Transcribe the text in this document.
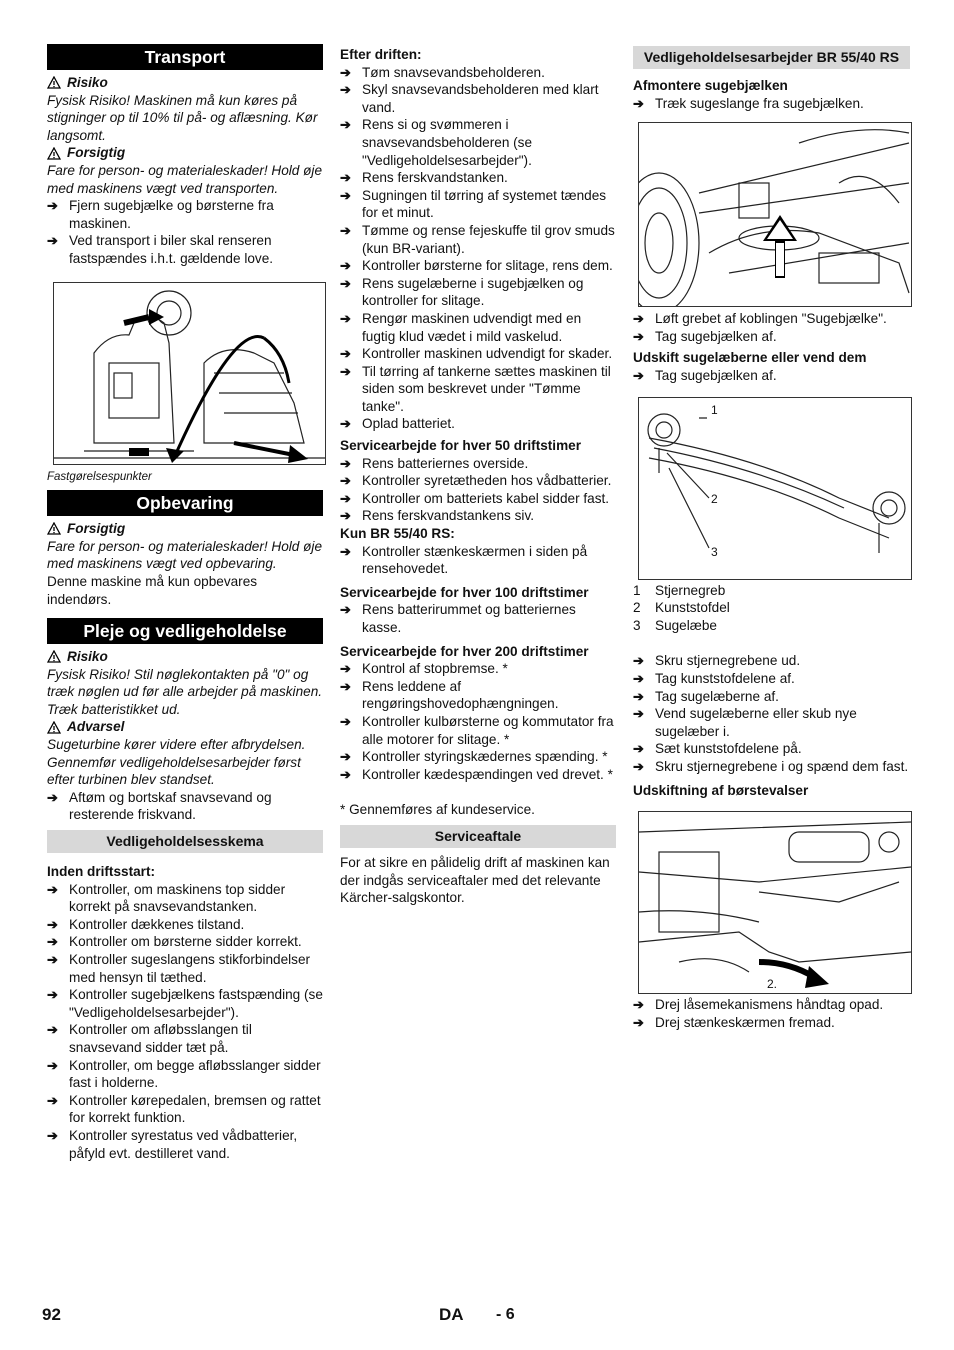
Transport
Risiko
Fysisk Risiko! Maskinen må kun køres på stigninger op til 10% til på- og aflæsning. Kør langsomt.
Forsigtig
Fare for person- og materialeskader! Hold øje med maskinens vægt ved transporten.
➔ Fjern sugebjælke og børsterne fra maskinen.
➔ Ved transport i biler skal renseren fastspændes i.h.t. gældende love.
Fastgørelsespunkter
Opbevaring
Forsigtig
Fare for person- og materialeskader! Hold øje med maskinens vægt ved opbevaring.
Denne maskine må kun opbevares indendørs.
Pleje og vedligeholdelse
Risiko
Fysisk Risiko! Stil nøglekontakten på "0" og træk nøglen ud før alle arbejder på maskinen. Træk batteristikket ud.
Advarsel
Sugeturbine kører videre efter afbrydelsen. Gennemfør vedligeholdelsesarbejder først efter turbinen blev standset.
➔ Aftøm og bortskaf snavsevand og resterende friskvand.
Vedligeholdelsesskema
Inden driftsstart:
➔ Kontroller, om maskinens top sidder korrekt på snavsevandstanken.
➔ Kontroller dækkenes tilstand.
➔ Kontroller om børsterne sidder korrekt.
➔ Kontroller sugeslangens stikforbindelser med hensyn til tæthed.
➔ Kontroller sugebjælkens fastspænding (se "Vedligeholdelsesarbejder").
➔ Kontroller om afløbsslangen til snavsevand sidder tæt på.
➔ Kontroller, om begge afløbsslanger sidder fast i holderne.
➔ Kontroller kørepedalen, bremsen og rattet for korrekt funktion.
➔ Kontroller syrestatus ved vådbatterier, påfyld evt. destilleret vand.
Efter driften:
➔ Tøm snavsevandsbeholderen.
➔ Skyl snavsevandsbeholderen med klart vand.
➔ Rens si og svømmeren i snavsevandsbeholderen (se "Vedligeholdelsesarbejder").
➔ Rens ferskvandstanken.
➔ Sugningen til tørring af systemet tændes for et minut.
➔ Tømme og rense fejeskuffe til grov smuds (kun BR-variant).
➔ Kontroller børsterne for slitage, rens dem.
➔ Rens sugelæberne i sugebjælken og kontroller for slitage.
➔ Rengør maskinen udvendigt med en fugtig klud vædet i mild vaskelud.
➔ Kontroller maskinen udvendigt for skader.
➔ Til tørring af tankerne sættes maskinen til siden som beskrevet under "Tømme tanke".
➔ Oplad batteriet.
Servicearbejde for hver 50 driftstimer
➔ Rens batteriernes overside.
➔ Kontroller syretætheden hos vådbatterier.
➔ Kontroller om batteriets kabel sidder fast.
➔ Rens ferskvandstankens siv.
Kun BR 55/40 RS:
➔ Kontroller stænkeskærmen i siden på rensehovedet.
Servicearbejde for hver 100 driftstimer
➔ Rens batterirummet og batteriernes kasse.
Servicearbejde for hver 200 driftstimer
➔ Kontrol af stopbremse. *
➔ Rens leddene af rengøringshovedophængningen.
➔ Kontroller kulbørsterne og kommutator fra alle motorer for slitage. *
➔ Kontroller styringskædernes spænding. *
➔ Kontroller kædespændingen ved drevet. *
* Gennemføres af kundeservice.
Serviceaftale
For at sikre en pålidelig drift af maskinen kan der indgås serviceaftaler med det relevante Kärcher-salgskontor.
Vedligeholdelsesarbejder BR 55/40 RS
Afmontere sugebjælken
➔ Træk sugeslange fra sugebjælken.
➔ Løft grebet af koblingen "Sugebjælke".
➔ Tag sugebjælken af.
Udskift sugelæberne eller vend dem
➔ Tag sugebjælken af.
1
2
3
1	Stjernegreb
2	Kunststofdel
3	Sugelæbe
➔ Skru stjernegrebene ud.
➔ Tag kunststofdelene af.
➔ Tag sugelæberne af.
➔ Vend sugelæberne eller skub nye sugelæber i.
➔ Sæt kunststofdelene på.
➔ Skru stjernegrebene i og spænd dem fast.
Udskiftning af børstevalser
2.
➔ Drej låsemekanismens håndtag opad.
➔ Drej stænkeskærmen fremad.
92	DA - 6
